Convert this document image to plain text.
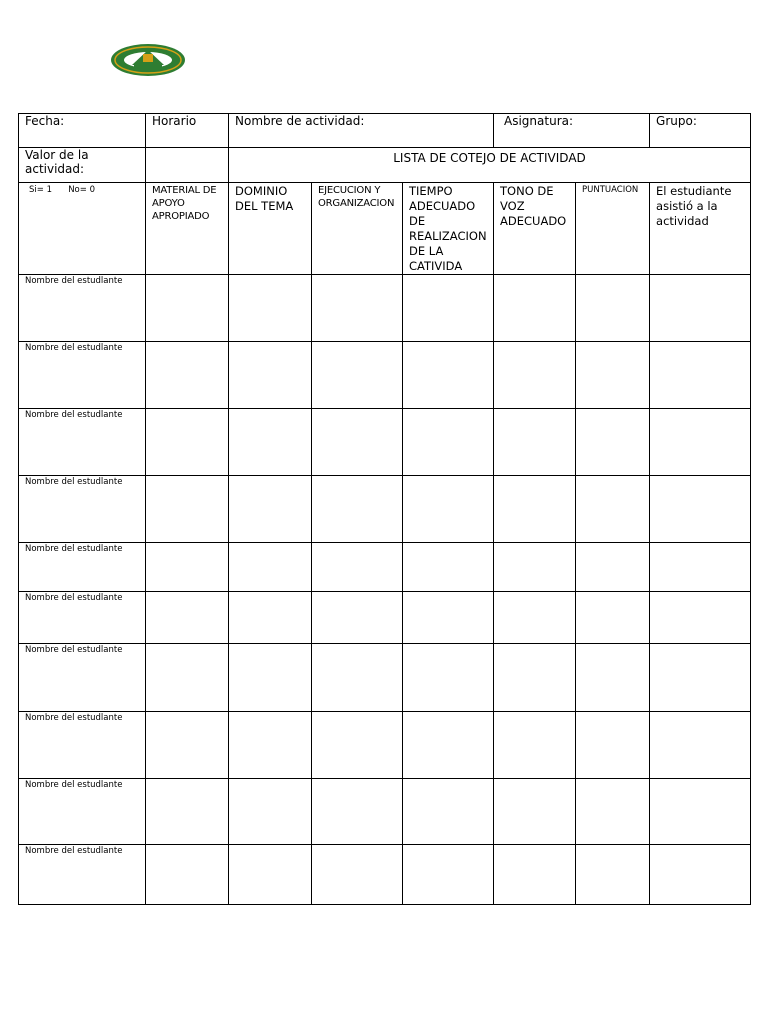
Fecha:	Horario	Nombre de actividad:			Asignatura:		Grupo:
Valor de la actividad:		LISTA DE COTEJO DE ACTIVIDAD					
Si= 1      No= 0	MATERIAL DE APOYO APROPIADO	DOMINIO DEL TEMA	EJECUCION Y ORGANIZACION	TIEMPO ADECUADO DE REALIZACION DE LA CATIVIDA	TONO DE VOZ ADECUADO	PUNTUACION	El estudiante asistió a la actividad
Nombre del estudlante							
Nombre del estudlante							
Nombre del estudlante							
Nombre del estudlante							
Nombre del estudlante							
Nombre del estudlante							
Nombre del estudlante							
Nombre del estudlante							
Nombre del estudlante							
Nombre del estudlante							
